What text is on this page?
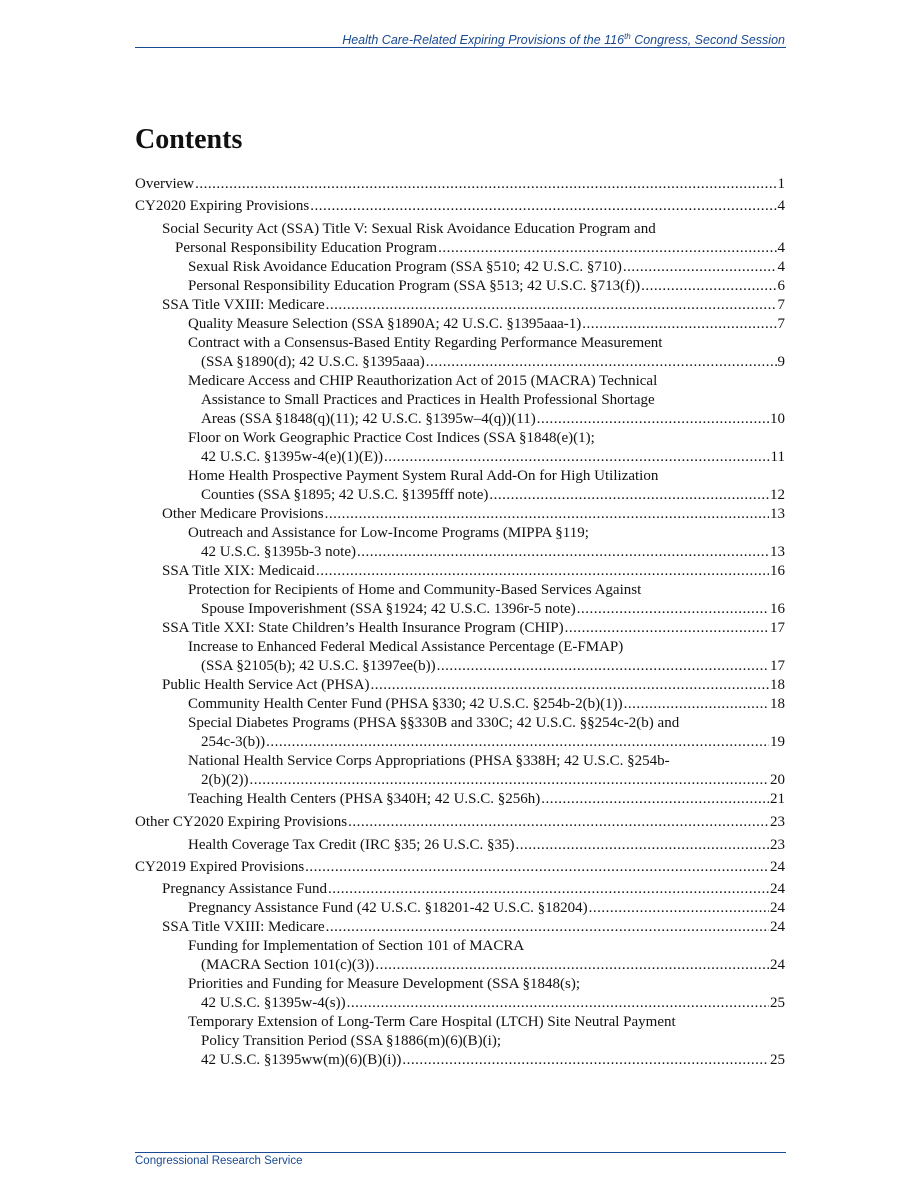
Health Care-Related Expiring Provisions of the 116th Congress, Second Session
Contents
Overview .....	1
CY2020 Expiring Provisions .....	4
Social Security Act (SSA) Title V: Sexual Risk Avoidance Education Program and
Personal Responsibility Education Program .....	4
Sexual Risk Avoidance Education Program (SSA §510; 42 U.S.C. §710) .....	4
Personal Responsibility Education Program (SSA §513; 42 U.S.C. §713(f)) .....	6
SSA Title VXIII: Medicare .....	7
Quality Measure Selection (SSA §1890A; 42 U.S.C. §1395aaa-1) .....	7
Contract with a Consensus-Based Entity Regarding Performance Measurement
(SSA §1890(d); 42 U.S.C. §1395aaa) .....	9
Medicare Access and CHIP Reauthorization Act of 2015 (MACRA) Technical
Assistance to Small Practices and Practices in Health Professional Shortage
Areas (SSA §1848(q)(11); 42 U.S.C. §1395w–4(q))(11) .....	10
Floor on Work Geographic Practice Cost Indices (SSA §1848(e)(1);
42 U.S.C. §1395w-4(e)(1)(E)) .....	11
Home Health Prospective Payment System Rural Add-On for High Utilization
Counties (SSA §1895; 42 U.S.C. §1395fff note) .....	12
Other Medicare Provisions .....	13
Outreach and Assistance for Low-Income Programs (MIPPA §119;
42 U.S.C. §1395b-3 note) .....	13
SSA Title XIX: Medicaid .....	16
Protection for Recipients of Home and Community-Based Services Against
Spouse Impoverishment (SSA §1924; 42 U.S.C. 1396r-5 note) .....	16
SSA Title XXI: State Children’s Health Insurance Program (CHIP) .....	17
Increase to Enhanced Federal Medical Assistance Percentage (E-FMAP)
(SSA §2105(b); 42 U.S.C. §1397ee(b)) .....	17
Public Health Service Act (PHSA) .....	18
Community Health Center Fund (PHSA §330; 42 U.S.C. §254b-2(b)(1)) .....	18
Special Diabetes Programs (PHSA §§330B and 330C; 42 U.S.C. §§254c-2(b) and
254c-3(b)) .....	19
National Health Service Corps Appropriations (PHSA §338H; 42 U.S.C. §254b-
2(b)(2)) .....	20
Teaching Health Centers (PHSA §340H; 42 U.S.C. §256h) .....	21
Other CY2020 Expiring Provisions .....	23
Health Coverage Tax Credit (IRC §35; 26 U.S.C. §35) .....	23
CY2019 Expired Provisions .....	24
Pregnancy Assistance Fund .....	24
Pregnancy Assistance Fund (42 U.S.C. §18201-42 U.S.C. §18204) .....	24
SSA Title VXIII: Medicare .....	24
Funding for Implementation of Section 101 of MACRA
(MACRA Section 101(c)(3)) .....	24
Priorities and Funding for Measure Development (SSA §1848(s);
42 U.S.C. §1395w-4(s)) .....	25
Temporary Extension of Long-Term Care Hospital (LTCH) Site Neutral Payment
Policy Transition Period (SSA §1886(m)(6)(B)(i);
42 U.S.C. §1395ww(m)(6)(B)(i)) .....	25
Congressional Research Service
